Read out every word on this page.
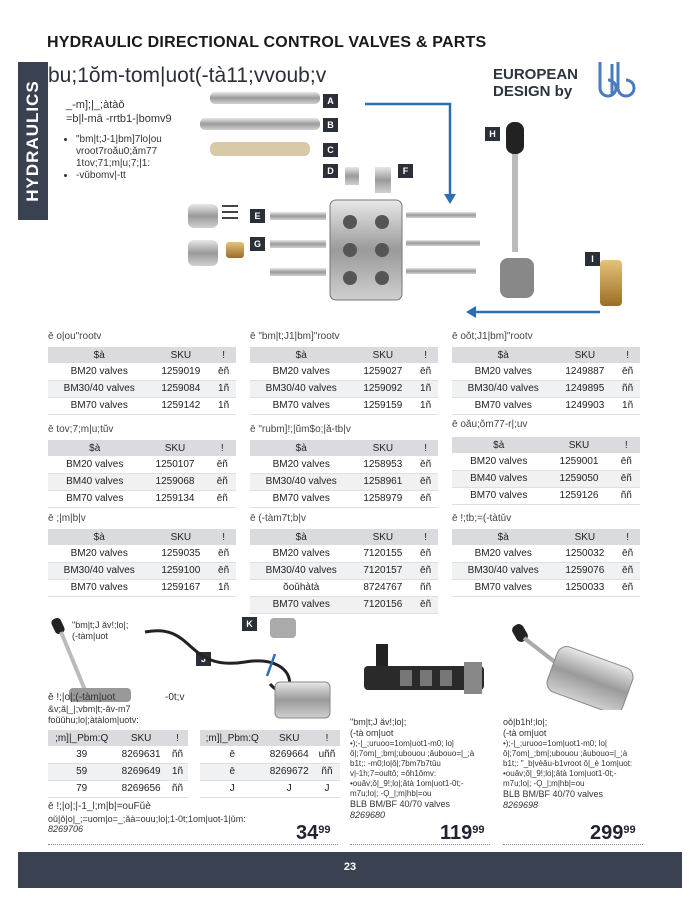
HYDRAULIC DIRECTIONAL CONTROL VALVES & PARTS
HYDRAULICS
bu;1ŏm-tom|uot(-tà11;vvoub;v	EUROPEAN
DESIGN by
_-m];|_;àtàǒ
=b|l-mā -rrtb1-|bomv9
• "bm|t;J-1|bm]7lo|ou vroot7roǎu0;ǎm77 1tov;71;m|u;7;|1:
• -vǔbomv|-tt
A
B
C
D	F
E
G
H
I
J
K
ē o|ou"rootv
$à	SKU	!
BM20 valves	1259019	ēñ
BM30/40 valves	1259084	1ñ
BM70 valves	1259142	1ñ
ē "bm|t;J1|bm]"rootv
$à	SKU	!
BM20 valves	1259027	ēñ
BM30/40 valves	1259092	1ñ
BM70 valves	1259159	1ñ
ē oǒt;J1|bm]"rootv
$à	SKU	!
BM20 valves	1249887	ēñ
BM30/40 valves	1249895	ññ
BM70 valves	1249903	1ñ
ē tov;7;m|u;tŭv
$à	SKU	!
BM20 valves	1250107	ēñ
BM40 valves	1259068	ēñ
BM70 valves	1259134	ēñ
ē "rubm]!;|ŭm$o;|ǎ-tb|v
$à	SKU	!
BM20 valves	1258953	ēñ
BM30/40 valves	1258961	ēñ
BM70 valves	1258979	ēñ
ē oǎu;ǒm77-r|;uv
$à	SKU	!
BM20 valves	1259001	ēñ
BM40 valves	1259050	ēñ
BM70 valves	1259126	ññ
ē ;|m|b|v
$à	SKU	!
BM20 valves	1259035	ēñ
BM30/40 valves	1259100	ēñ
BM70 valves	1259167	1ñ
ē (-tàm7t;b|v
$à	SKU	!
BM20 valves	7120155	ēñ
BM30/40 valves	7120157	ēñ
ŏoǔhàtà	8724767	ññ
BM70 valves	7120156	ēñ
ē !;tb;=(-tàtǔv
$à	SKU	!
BM20 valves	1250032	ēñ
BM30/40 valves	1259076	ēñ
BM70 valves	1250033	ēñ
"bm|t;J ǎv!;lo|;
(-tàm|uot
ē !;|o|;(-tàm|uot	-0t;v
&v;ǎ|_|;vbm|t;-ǎv-m7
foǔǔhu;lo|;àtàlom|uotv:
;m]|_Pbm:Q	SKU	!
39	8269631	ññ
59	8269649	1ñ
79	8269656	ññ
;m]|_Pbm:Q	SKU	!
ē	8269664	uññ
ē	8269672	ññ
J	J	J
ē !;|o|;|-1_l;m|b|=ouFǔè
oǔ|ǒ|o|_;=uom|o=_;ǎà=ouu;lo|;1-0t;1om|uot-1|ǔm:
8269706	$34^{99}$
"bm|t;J ǎv!;lo|;
(-tà om|uot
•);-|_;uruoo=1om|uot1-m0; lo|ǒ|;7om|_;bm|;ubouou ;ǎubouo=|_;à b1t;: -m0;lo|ǒ|;7bm7b7tǔu v|-1h;7=oultǒ; =ǒh1ǒmv: •ouǎv;ǒ|_9!;lo|;ǎtà 1om|uot1-0t;-m7u;lo|; -Ǫ_|;m|hb|=ou
BLB BM/BF 40/70 valves
8269680
$119^{99}$
oǒ|b1h!;lo|;
(-tà om|uot
•);-|_;uruoo=1om|uot1-m0; lo|ǒ|;7om|_;bm|;ubouou ;ǎubouo=|_;à b1t;: "_b|vèǎu-b1vroot ǒ|_è 1om|uot: •ouǎv;ǒ|_9!;lo|;ǎtà 1om|uot1-0t;-m7u;lo|; -Ǫ_|;m|hb|=ou
BLB BM/BF 40/70 valves
8269698
$299^{99}$
23
